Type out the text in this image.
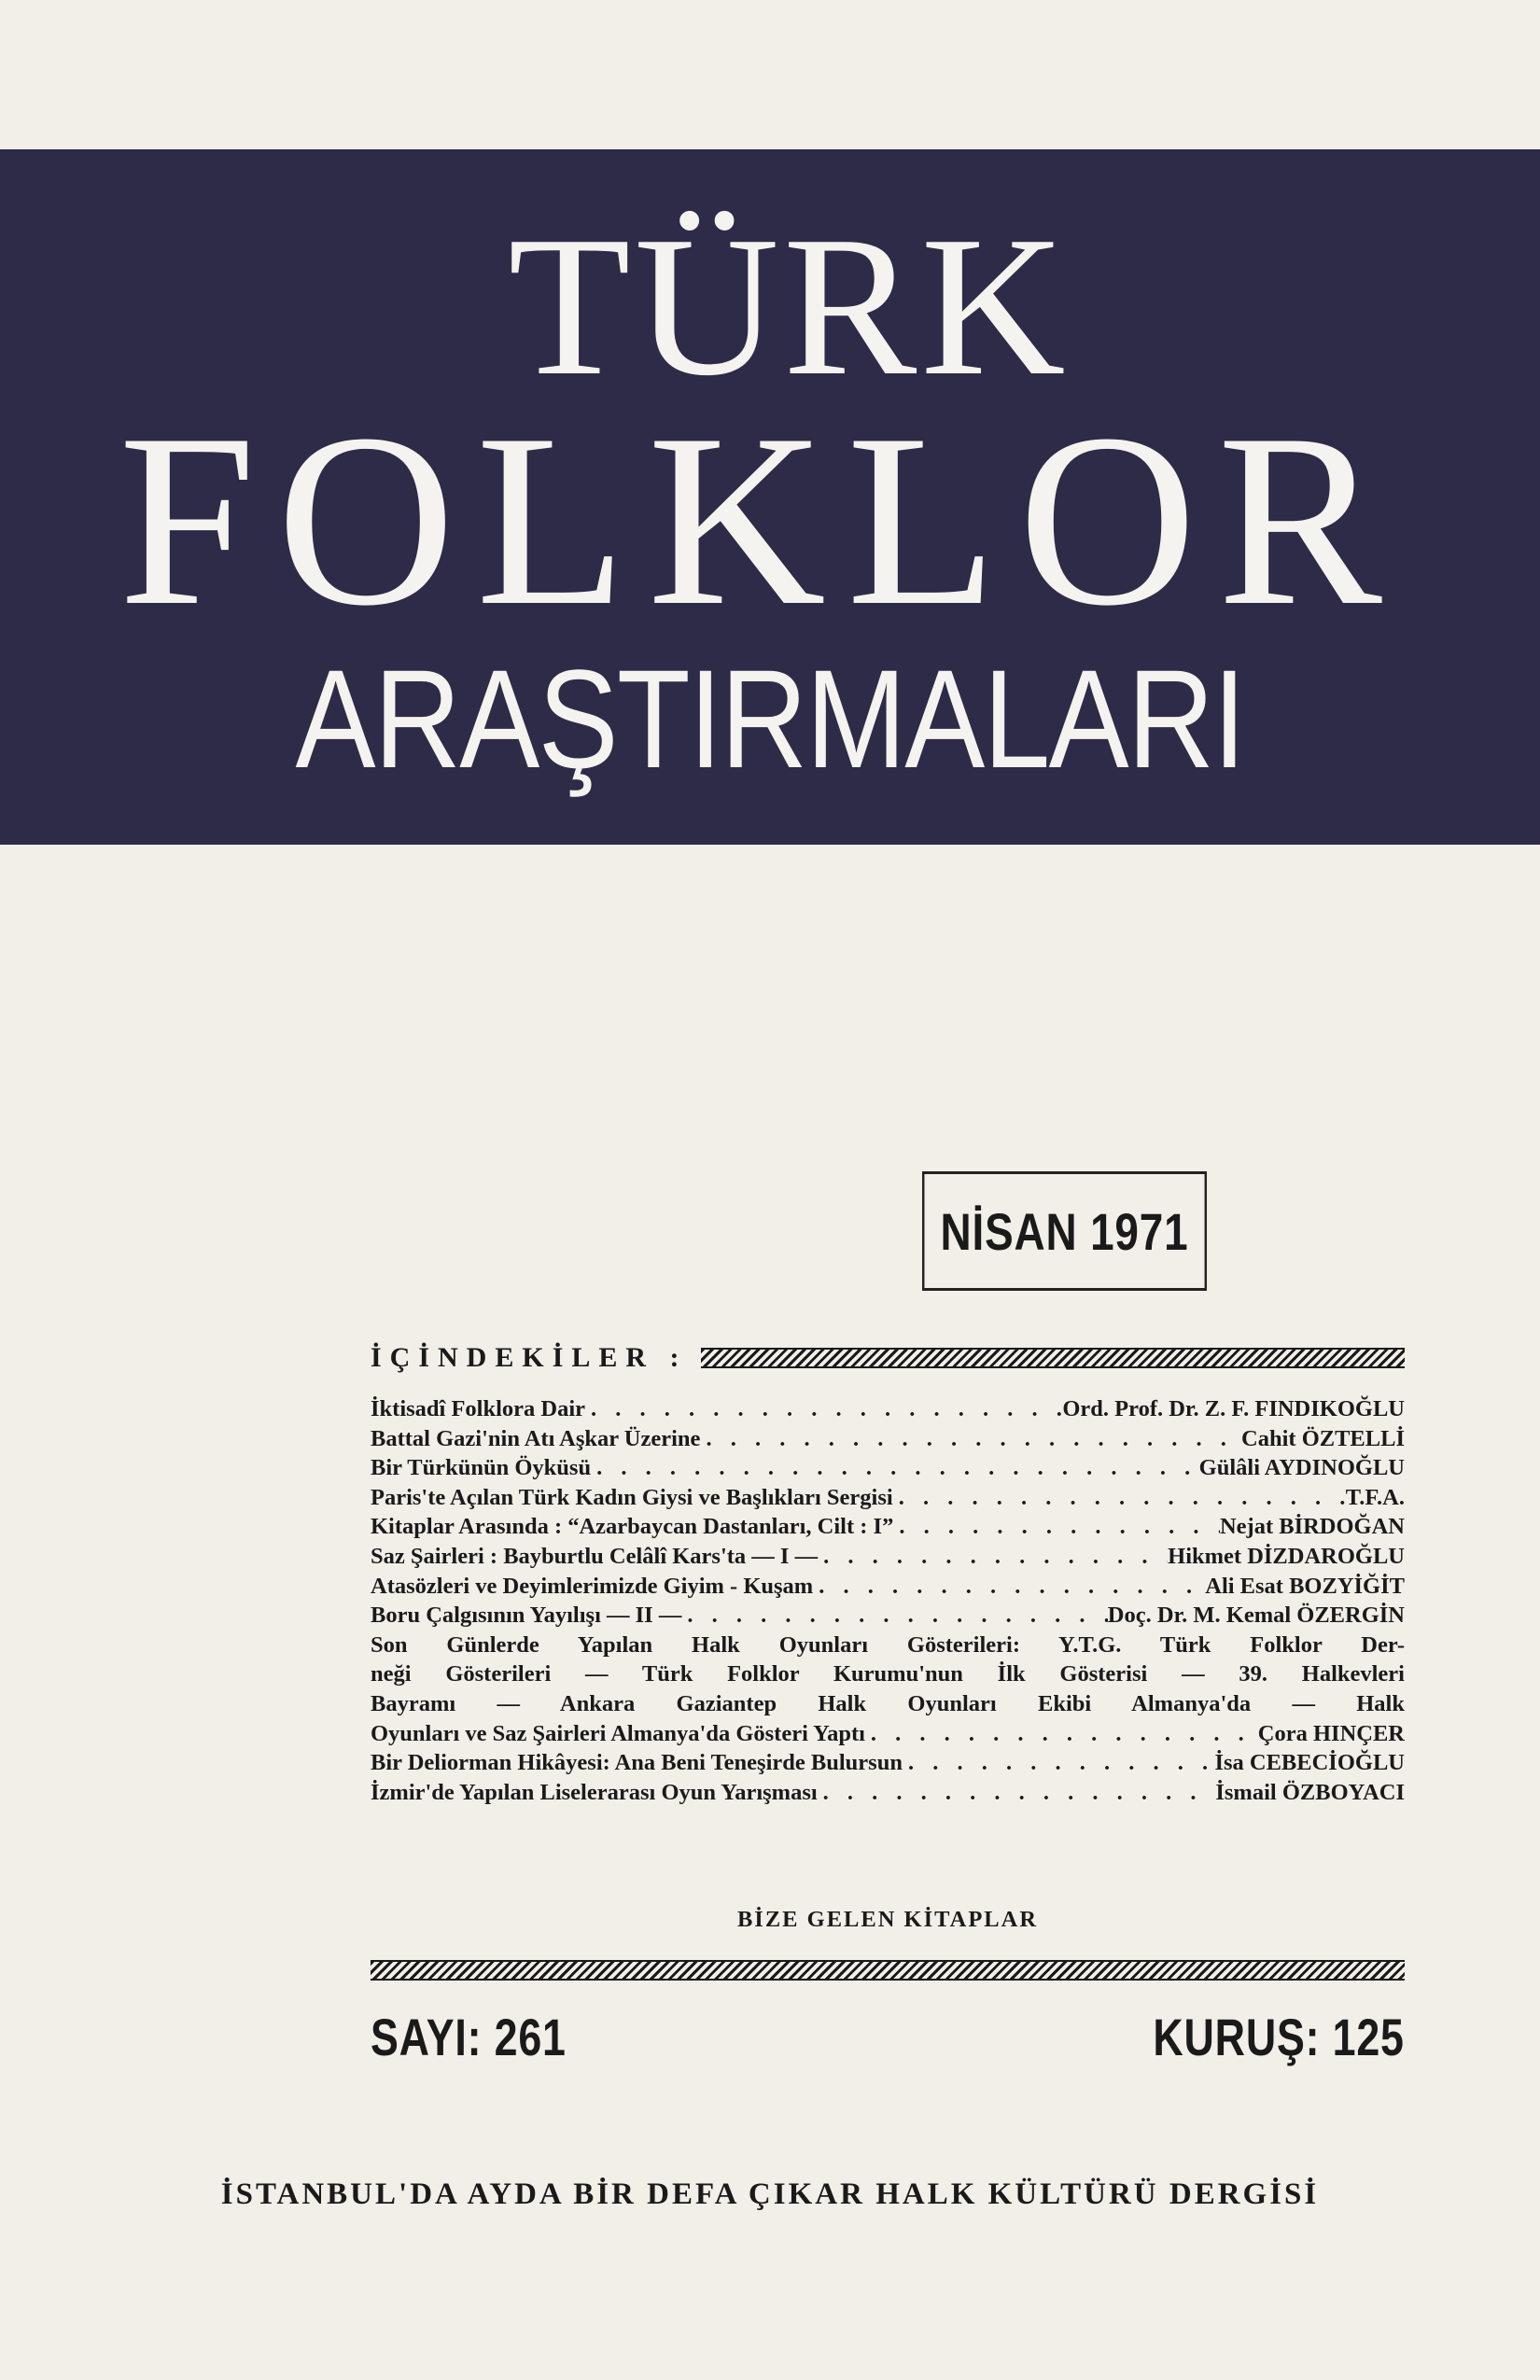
TÜRK
FOLKLOR
ARAŞTIRMALARI
NİSAN 1971
İÇİNDEKİLER :
İktisadî Folklora Dair . . .	Ord. Prof. Dr. Z. F. FINDIKOĞLU
Battal Gazi'nin Atı Aşkar Üzerine . . .	Cahit ÖZTELLİ
Bir Türkünün Öyküsü . . .	Gülâli AYDINOĞLU
Paris'te Açılan Türk Kadın Giysi ve Başlıkları Sergisi . . .	T.F.A.
Kitaplar Arasında : “Azarbaycan Dastanları, Cilt : I” . . .	Nejat BİRDOĞAN
Saz Şairleri : Bayburtlu Celâlî Kars'ta — I — . . .	Hikmet DİZDAROĞLU
Atasözleri ve Deyimlerimizde Giyim - Kuşam . . .	Ali Esat BOZYİĞİT
Boru Çalgısının Yayılışı — II — . . .	Doç. Dr. M. Kemal ÖZERGİN
Son Günlerde Yapılan Halk Oyunları Gösterileri: Y.T.G. Türk Folklor Der-
neği Gösterileri — Türk Folklor Kurumu'nun İlk Gösterisi — 39. Halkevleri
Bayramı — Ankara Gaziantep Halk Oyunları Ekibi Almanya'da — Halk
Oyunları ve Saz Şairleri Almanya'da Gösteri Yaptı . . .	Çora HINÇER
Bir Deliorman Hikâyesi: Ana Beni Teneşirde Bulursun . . .	İsa CEBECİOĞLU
İzmir'de Yapılan Liselerarası Oyun Yarışması . . .	İsmail ÖZBOYACI
BİZE GELEN KİTAPLAR
SAYI: 261	KURUŞ: 125
İSTANBUL'DA AYDA BİR DEFA ÇIKAR HALK KÜLTÜRÜ DERGİSİ
